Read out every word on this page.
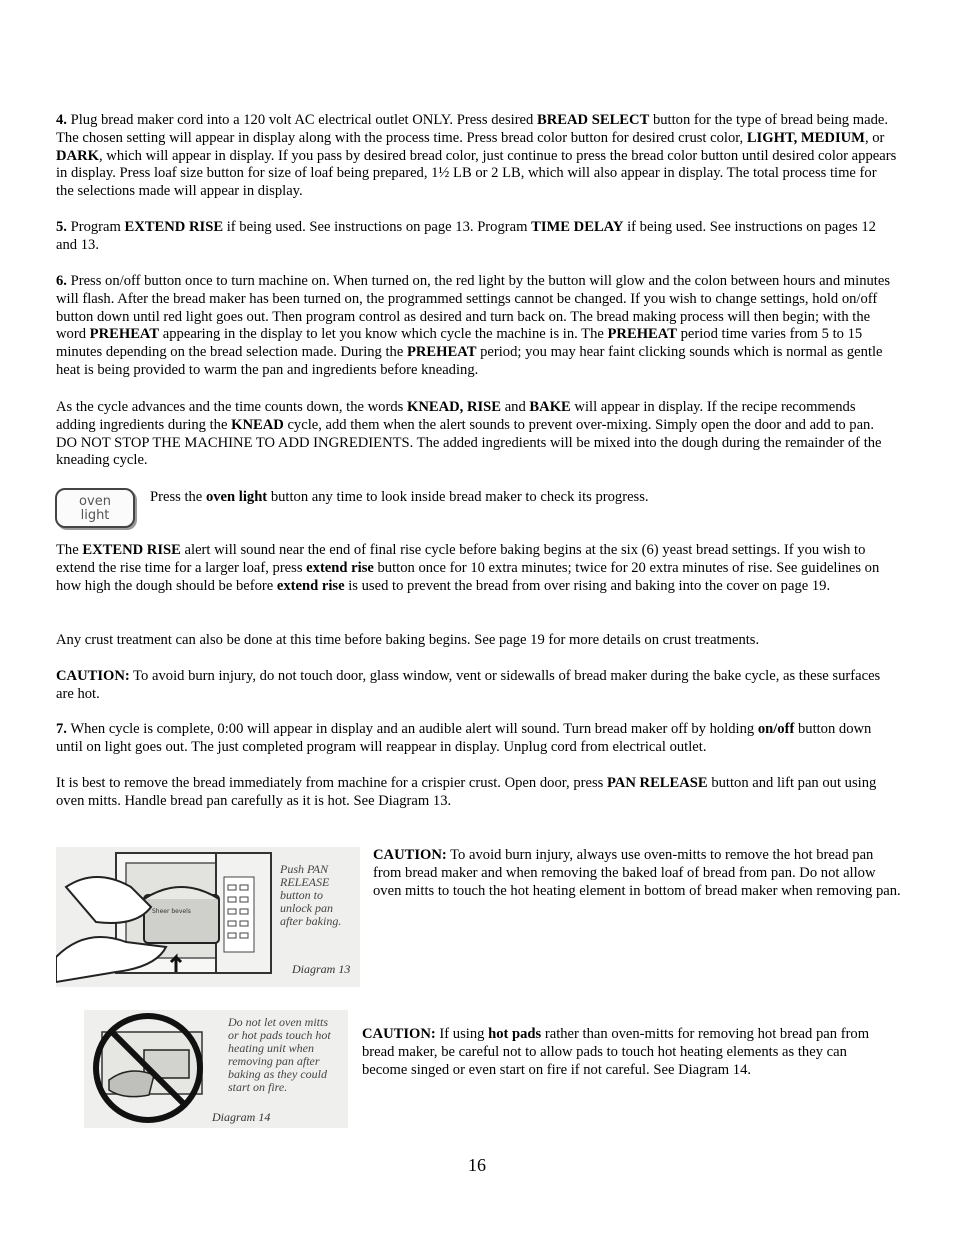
4. Plug bread maker cord into a 120 volt AC electrical outlet ONLY. Press desired BREAD SELECT button for the type of bread being made. The chosen setting will appear in display along with the process time. Press bread color button for desired crust color, LIGHT, MEDIUM, or DARK, which will appear in display. If you pass by desired bread color, just continue to press the bread color button until desired color appears in display. Press loaf size button for size of loaf being prepared, 1½ LB or 2 LB, which will also appear in display. The total process time for the selections made will appear in display.

5. Program EXTEND RISE if being used. See instructions on page 13. Program TIME DELAY if being used. See instructions on pages 12 and 13.

6. Press on/off button once to turn machine on. When turned on, the red light by the button will glow and the colon between hours and minutes will flash. After the bread maker has been turned on, the programmed settings cannot be changed. If you wish to change settings, hold on/off button down until red light goes out. Then program control as desired and turn back on. The bread making process will then begin; with the word PREHEAT appearing in the display to let you know which cycle the machine is in. The PREHEAT period time varies from 5 to 15 minutes depending on the bread selection made. During the PREHEAT period; you may hear faint clicking sounds which is normal as gentle heat is being provided to warm the pan and ingredients before kneading.

As the cycle advances and the time counts down, the words KNEAD, RISE and BAKE will appear in display. If the recipe recommends adding ingredients during the KNEAD cycle, add them when the alert sounds to prevent over-mixing. Simply open the door and add to pan. DO NOT STOP THE MACHINE TO ADD INGREDIENTS. The added ingredients will be mixed into the dough during the remainder of the kneading cycle.

oven
light

Press the oven light button any time to look inside bread maker to check its progress.

The EXTEND RISE alert will sound near the end of final rise cycle before baking begins at the six (6) yeast bread settings. If you wish to extend the rise time for a larger loaf, press extend rise button once for 10 extra minutes; twice for 20 extra minutes of rise. See guidelines on how high the dough should be before extend rise is used to prevent the bread from over rising and baking into the cover on page 19.

Any crust treatment can also be done at this time before baking begins. See page 19 for more details on crust treatments.

CAUTION: To avoid burn injury, do not touch door, glass window, vent or sidewalls of bread maker during the bake cycle, as these surfaces are hot.

7. When cycle is complete, 0:00 will appear in display and an audible alert will sound. Turn bread maker off by holding on/off button down until on light goes out. The just completed program will reappear in display. Unplug cord from electrical outlet.

It is best to remove the bread immediately from machine for a crispier crust. Open door, press PAN RELEASE button and lift pan out using oven mitts. Handle bread pan carefully as it is hot. See Diagram 13.

Push PAN
RELEASE
button to
unlock pan
after baking.
Diagram 13
Sheer bevels

CAUTION: To avoid burn injury, always use oven-mitts to remove the hot bread pan from bread maker and when removing the baked loaf of bread from pan. Do not allow oven mitts to touch the hot heating element in bottom of bread maker when removing pan.

Do not let oven mitts
or hot pads touch hot
heating unit when
removing pan after
baking as they could
start on fire.
Diagram 14

CAUTION: If using hot pads rather than oven-mitts for removing hot bread pan from bread maker, be careful not to allow pads to touch hot heating elements as they can become singed or even start on fire if not careful. See Diagram 14.

16
